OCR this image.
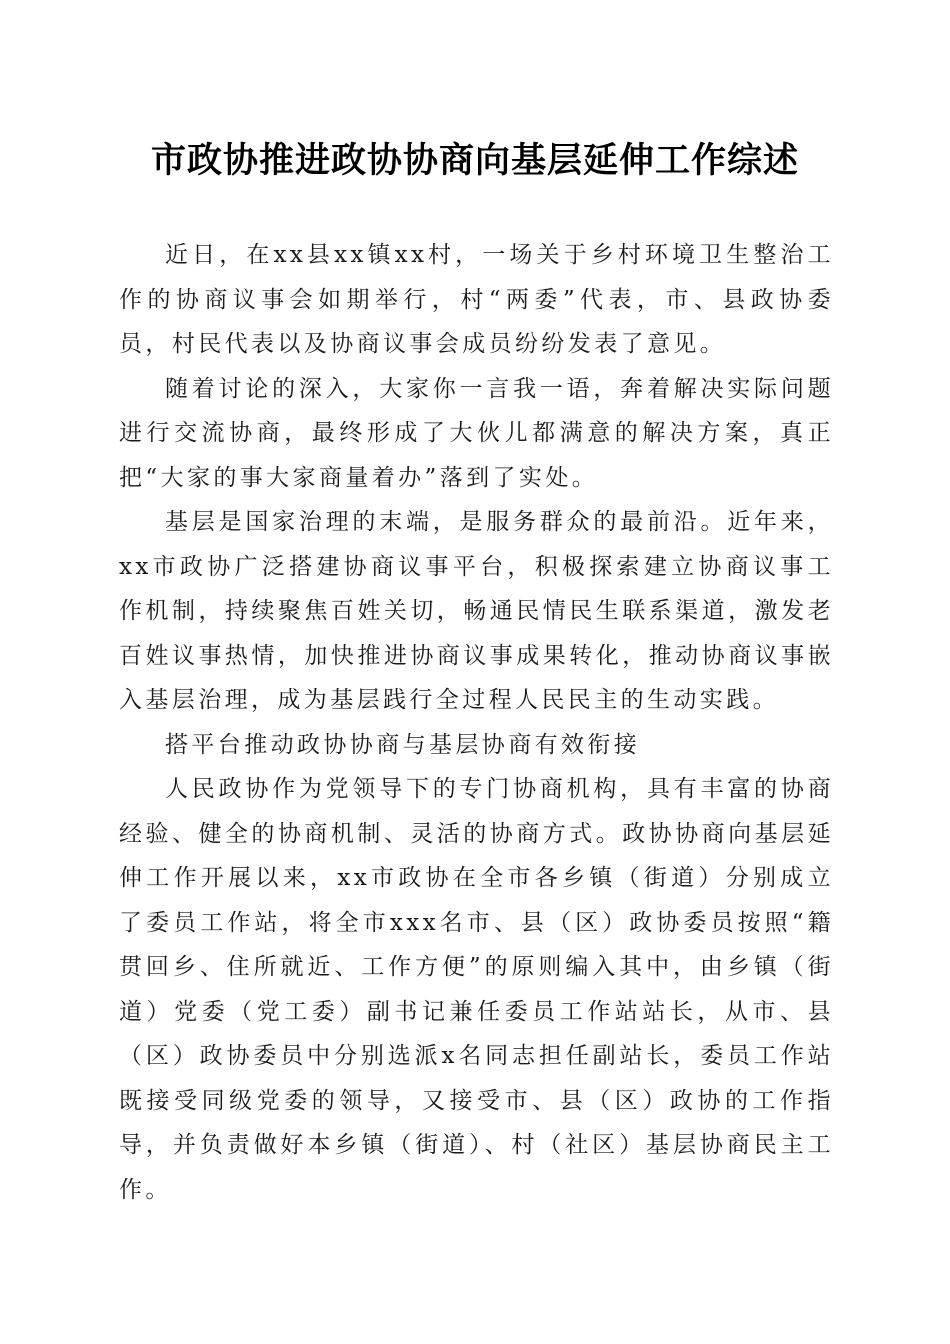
市政协推进政协协商向基层延伸工作综述

近日，在xx县xx镇xx村，一场关于乡村环境卫生整治工作的协商议事会如期举行，村“两委”代表，市、县政协委员，村民代表以及协商议事会成员纷纷发表了意见。

随着讨论的深入，大家你一言我一语，奔着解决实际问题进行交流协商，最终形成了大伙儿都满意的解决方案，真正把“大家的事大家商量着办”落到了实处。

基层是国家治理的末端，是服务群众的最前沿。近年来，xx市政协广泛搭建协商议事平台，积极探索建立协商议事工作机制，持续聚焦百姓关切，畅通民情民生联系渠道，激发老百姓议事热情，加快推进协商议事成果转化，推动协商议事嵌入基层治理，成为基层践行全过程人民民主的生动实践。

搭平台推动政协协商与基层协商有效衔接

人民政协作为党领导下的专门协商机构，具有丰富的协商经验、健全的协商机制、灵活的协商方式。政协协商向基层延伸工作开展以来，xx市政协在全市各乡镇（街道）分别成立了委员工作站，将全市xxx名市、县（区）政协委员按照“籍贯回乡、住所就近、工作方便”的原则编入其中，由乡镇（街道）党委（党工委）副书记兼任委员工作站站长，从市、县（区）政协委员中分别选派x名同志担任副站长，委员工作站既接受同级党委的领导，又接受市、县（区）政协的工作指导，并负责做好本乡镇（街道）、村（社区）基层协商民主工作。
